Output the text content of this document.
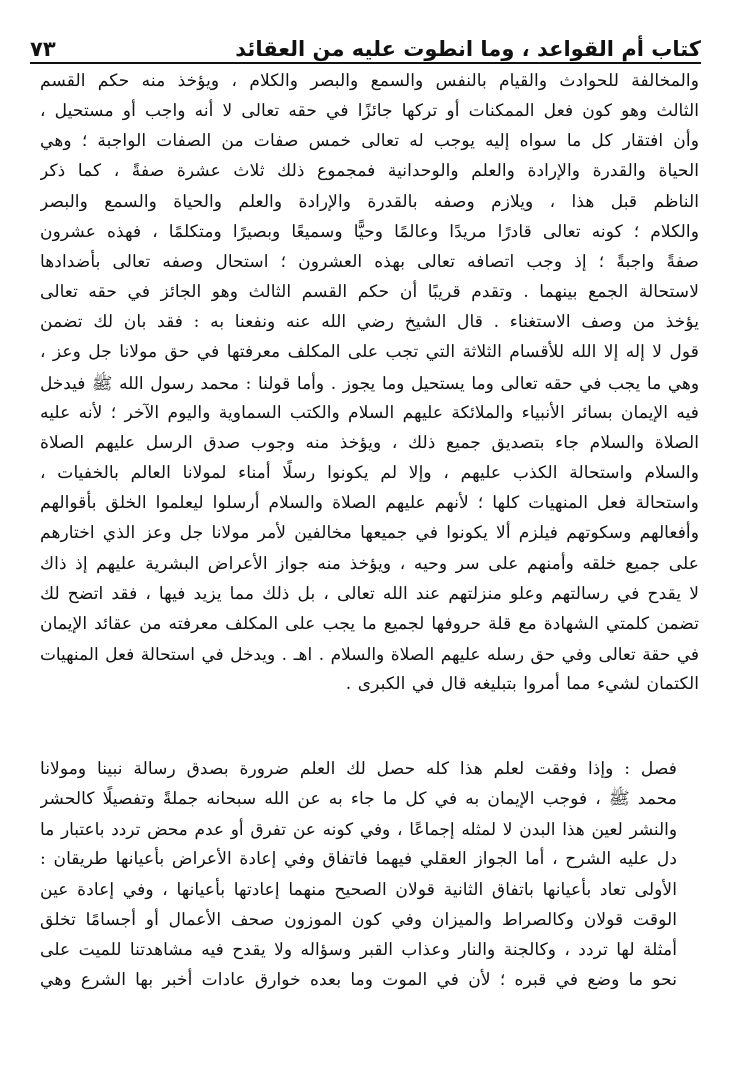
كتاب أم القواعد ، وما انطوت عليه من العقائد
٧٣
والمخالفة للحوادث والقيام بالنفس والسمع والبصر والكلام ، ويؤخذ منه حكم القسم
الثالث وهو كون فعل الممكنات أو تركها جائزًا في حقه تعالى لا أنه واجب أو مستحيل ،
وأن افتقار كل ما سواه إليه يوجب له تعالى خمس صفات من الصفات الواجبة ؛ وهي
الحياة والقدرة والإرادة والعلم والوحدانية فمجموع ذلك ثلاث عشرة صفةً ، كما ذكر
الناظم قبل هذا ، ويلازم وصفه بالقدرة والإرادة والعلم والحياة والسمع والبصر
والكلام ؛ كونه تعالى قادرًا مريدًا وعالمًا وحيًّا وسميعًا وبصيرًا ومتكلمًا ، فهذه عشرون
صفةً واجبةً ؛ إذ وجب اتصافه تعالى بهذه العشرون ؛ استحال وصفه تعالى بأضدادها
لاستحالة الجمع بينهما . وتقدم قريبًا أن حكم القسم الثالث وهو الجائز في حقه تعالى
يؤخذ من وصف الاستغناء . قال الشيخ رضي الله عنه ونفعنا به : فقد بان لك تضمن
قول لا إله إلا الله للأقسام الثلاثة التي تجب على المكلف معرفتها في حق مولانا جل وعز ،
وهي ما يجب في حقه تعالى وما يستحيل وما يجوز . وأما قولنا : محمد رسول الله ﷺ فيدخل
فيه الإيمان بسائر الأنبياء والملائكة عليهم السلام والكتب السماوية واليوم الآخر ؛ لأنه عليه
الصلاة والسلام جاء بتصديق جميع ذلك ، ويؤخذ منه وجوب صدق الرسل عليهم الصلاة
والسلام واستحالة الكذب عليهم ، وإلا لم يكونوا رسلًا أمناء لمولانا العالم بالخفيات ،
واستحالة فعل المنهيات كلها ؛ لأنهم عليهم الصلاة والسلام أرسلوا ليعلموا الخلق بأقوالهم
وأفعالهم وسكوتهم فيلزم ألا يكونوا في جميعها مخالفين لأمر مولانا جل وعز الذي اختارهم
على جميع خلقه وأمنهم على سر وحيه ، ويؤخذ منه جواز الأعراض البشرية عليهم إذ ذاك
لا يقدح في رسالتهم وعلو منزلتهم عند الله تعالى ، بل ذلك مما يزيد فيها ، فقد اتضح لك
تضمن كلمتي الشهادة مع قلة حروفها لجميع ما يجب على المكلف معرفته من عقائد الإيمان
في حقة تعالى وفي حق رسله عليهم الصلاة والسلام . اهـ . ويدخل في استحالة فعل المنهيات
الكتمان لشيء مما أمروا بتبليغه قال في الكبرى .
فصل : وإذا وفقت لعلم هذا كله حصل لك العلم ضرورة بصدق رسالة نبينا ومولانا
محمد ﷺ ، فوجب الإيمان به في كل ما جاء به عن الله سبحانه جملةً وتفصيلًا كالحشر
والنشر لعين هذا البدن لا لمثله إجماعًا ، وفي كونه عن تفرق أو عدم محض تردد باعتبار ما
دل عليه الشرح ، أما الجواز العقلي فيهما فاتفاق وفي إعادة الأعراض بأعيانها طريقان :
الأولى تعاد بأعيانها باتفاق الثانية قولان الصحيح منهما إعادتها بأعيانها ، وفي إعادة عين
الوقت قولان وكالصراط والميزان وفي كون الموزون صحف الأعمال أو أجسامًا تخلق
أمثلة لها تردد ، وكالجنة والنار وعذاب القبر وسؤاله ولا يقدح فيه مشاهدتنا للميت على
نحو ما وضع في قبره ؛ لأن في الموت وما بعده خوارق عادات أخبر بها الشرع وهي
